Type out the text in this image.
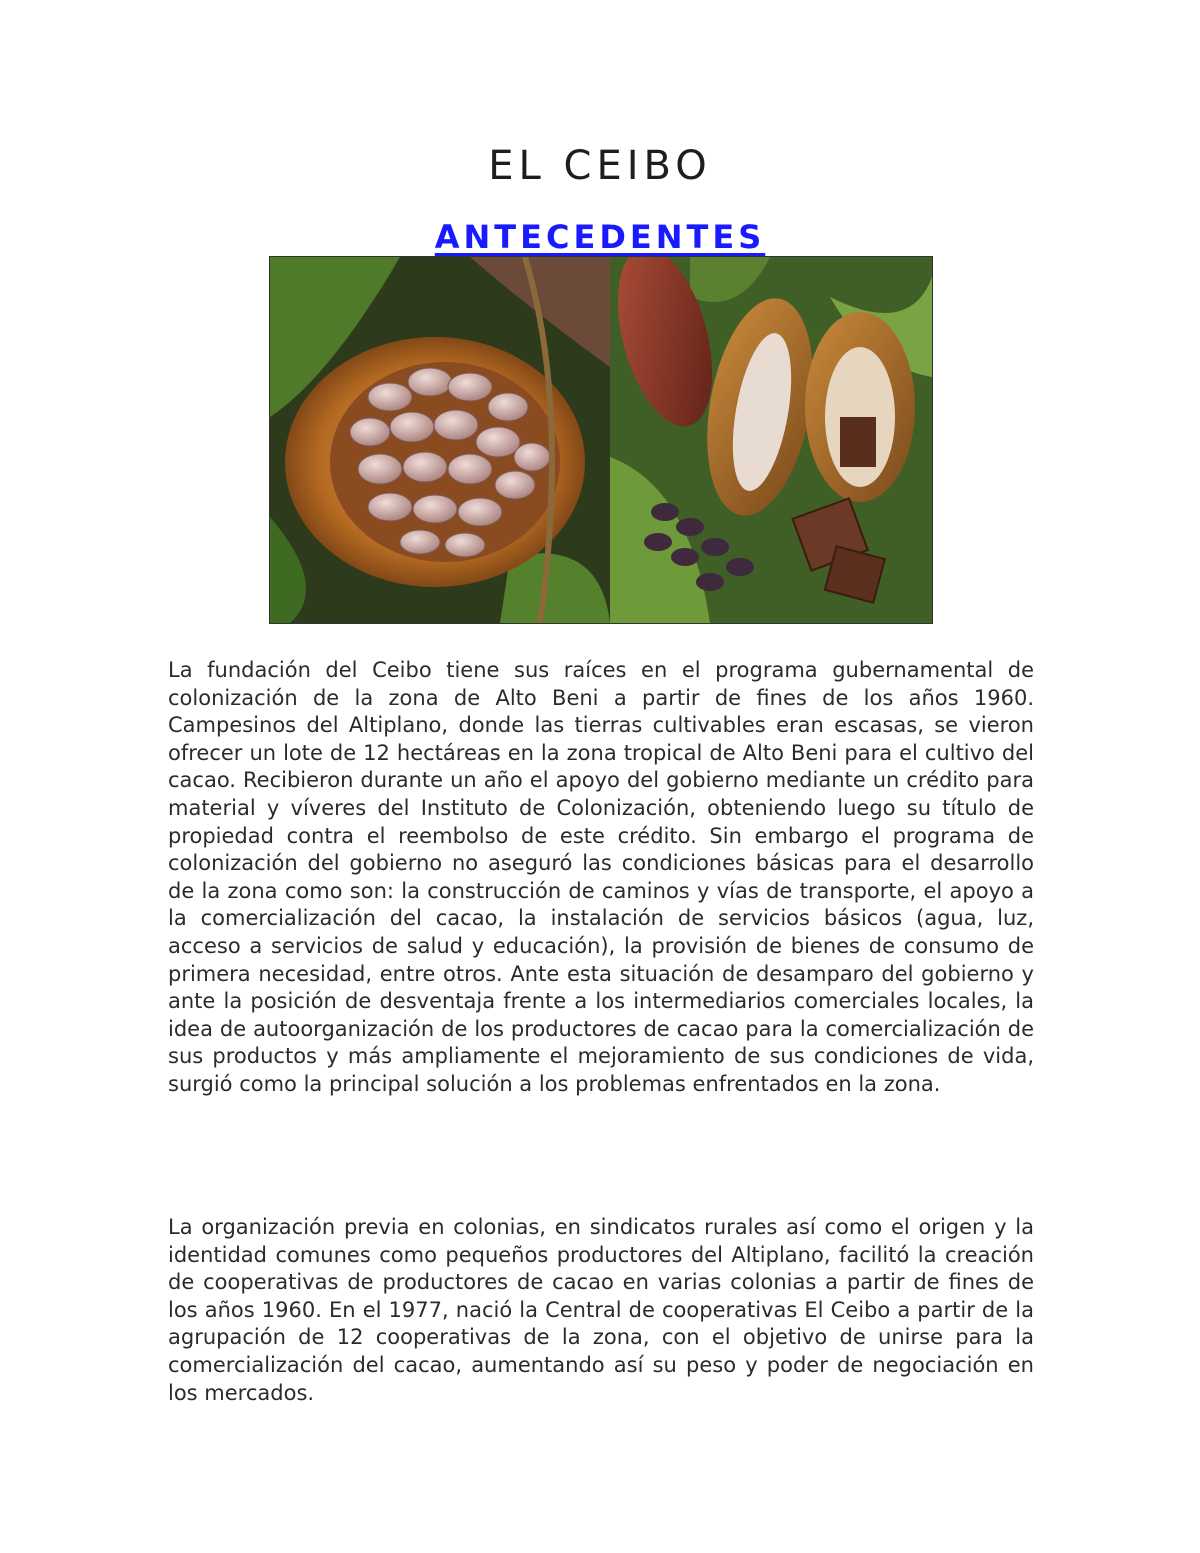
EL CEIBO
ANTECEDENTES

La fundación del Ceibo tiene sus raíces en el programa gubernamental de colonización de la zona de Alto Beni a partir de fines de los años 1960. Campesinos del Altiplano, donde las tierras cultivables eran escasas, se vieron ofrecer un lote de 12 hectáreas en la zona tropical de Alto Beni para el cultivo del cacao. Recibieron durante un año el apoyo del gobierno mediante un crédito para material y víveres del Instituto de Colonización, obteniendo luego su título de propiedad contra el reembolso de este crédito. Sin embargo el programa de colonización del gobierno no aseguró las condiciones básicas para el desarrollo de la zona como son: la construcción de caminos y vías de transporte, el apoyo a la comercialización del cacao, la instalación de servicios básicos (agua, luz, acceso a servicios de salud y educación), la provisión de bienes de consumo de primera necesidad, entre otros. Ante esta situación de desamparo del gobierno y ante la posición de desventaja frente a los intermediarios comerciales locales, la idea de autoorganización de los productores de cacao para la comercialización de sus productos y más ampliamente el mejoramiento de sus condiciones de vida, surgió como la principal solución a los problemas enfrentados en la zona.

La organización previa en colonias, en sindicatos rurales así como el origen y la identidad comunes como pequeños productores del Altiplano, facilitó la creación de cooperativas de productores de cacao en varias colonias a partir de fines de los años 1960. En el 1977, nació la Central de cooperativas El Ceibo a partir de la agrupación de 12 cooperativas de la zona, con el objetivo de unirse para la comercialización del cacao, aumentando así su peso y poder de negociación en los mercados.
